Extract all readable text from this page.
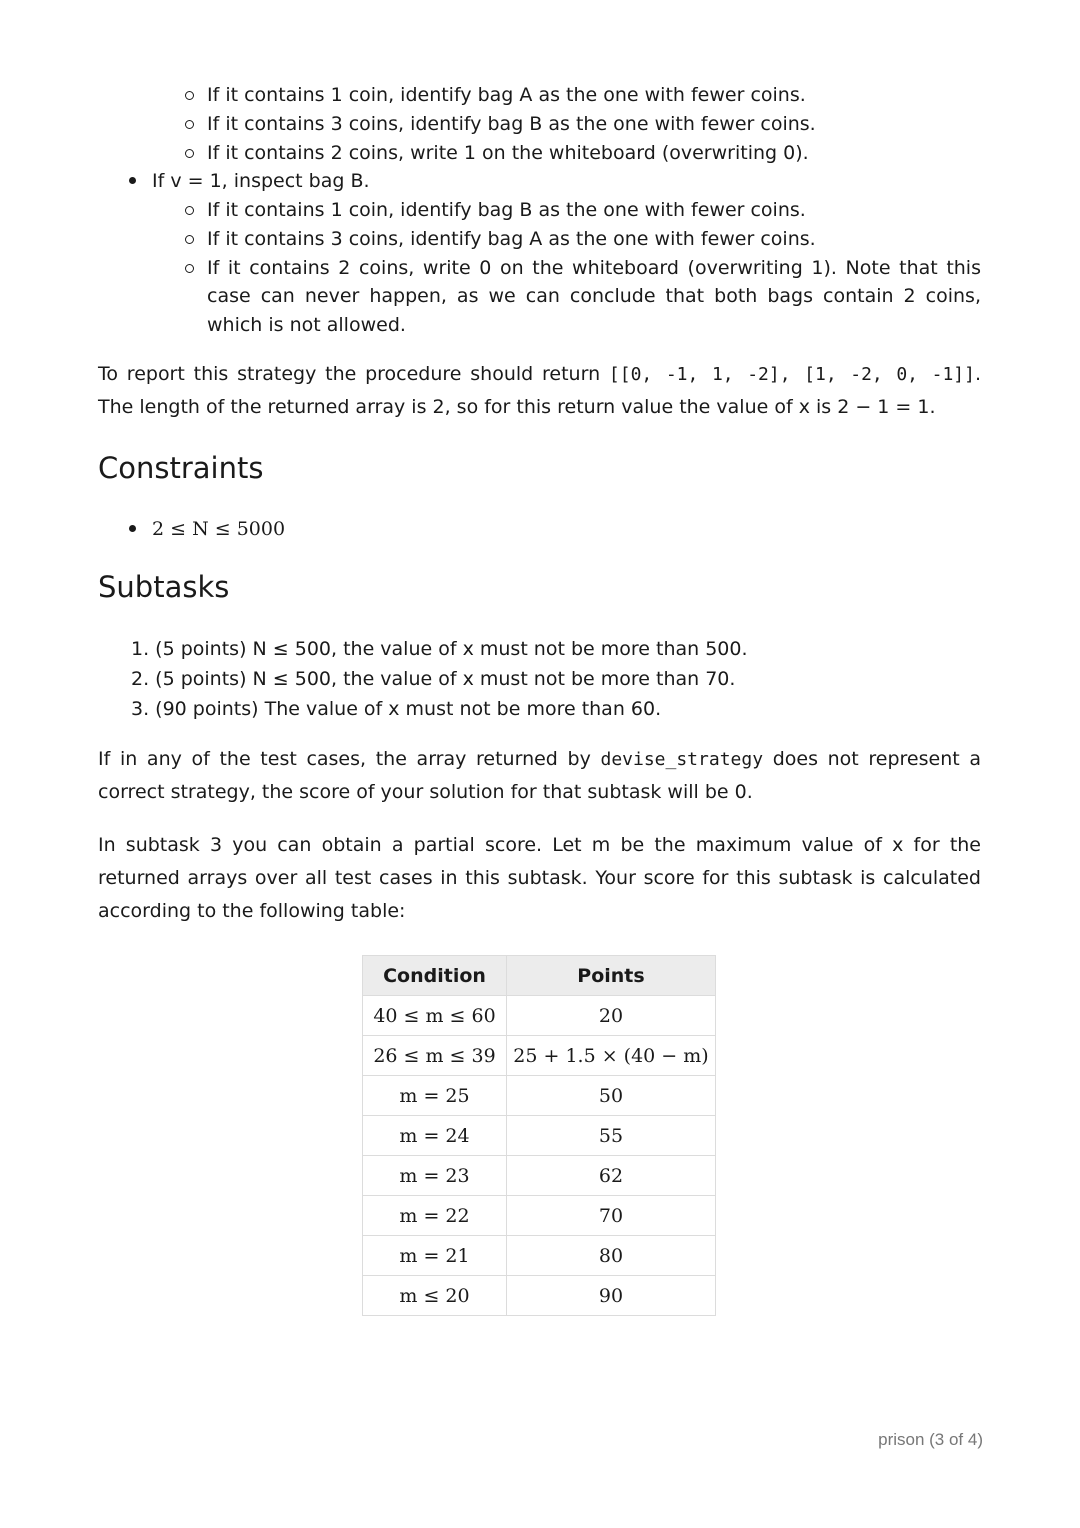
If it contains 1 coin, identify bag A as the one with fewer coins.
If it contains 3 coins, identify bag B as the one with fewer coins.
If it contains 2 coins, write 1 on the whiteboard (overwriting 0).
If v = 1, inspect bag B.
If it contains 1 coin, identify bag B as the one with fewer coins.
If it contains 3 coins, identify bag A as the one with fewer coins.
If it contains 2 coins, write 0 on the whiteboard (overwriting 1). Note that this case can never happen, as we can conclude that both bags contain 2 coins, which is not allowed.

To report this strategy the procedure should return [[0, -1, 1, -2], [1, -2, 0, -1]]. The length of the returned array is 2, so for this return value the value of x is 2 − 1 = 1.

Constraints
2 ≤ N ≤ 5000
Subtasks
1. (5 points) N ≤ 500, the value of x must not be more than 500.
2. (5 points) N ≤ 500, the value of x must not be more than 70.
3. (90 points) The value of x must not be more than 60.

If in any of the test cases, the array returned by devise_strategy does not represent a correct strategy, the score of your solution for that subtask will be 0.

In subtask 3 you can obtain a partial score. Let m be the maximum value of x for the returned arrays over all test cases in this subtask. Your score for this subtask is calculated according to the following table:

Condition	Points
40 ≤ m ≤ 60	20
26 ≤ m ≤ 39	25 + 1.5 × (40 − m)
m = 25	50
m = 24	55
m = 23	62
m = 22	70
m = 21	80
m ≤ 20	90
prison (3 of 4)
